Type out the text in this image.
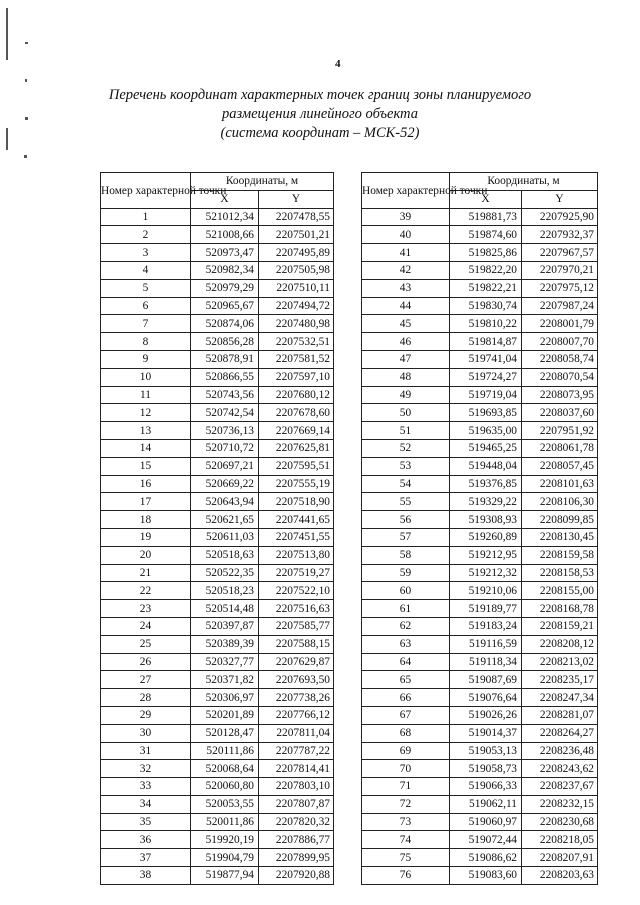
4
Перечень координат характерных точек границ зоны планируемого
размещения линейного объекта
(система координат – МСК-52)
Номер характерной точки	Координаты, м	
	X	Y
1	521012,34	2207478,55
2	521008,66	2207501,21
3	520973,47	2207495,89
4	520982,34	2207505,98
5	520979,29	2207510,11
6	520965,67	2207494,72
7	520874,06	2207480,98
8	520856,28	2207532,51
9	520878,91	2207581,52
10	520866,55	2207597,10
11	520743,56	2207680,12
12	520742,54	2207678,60
13	520736,13	2207669,14
14	520710,72	2207625,81
15	520697,21	2207595,51
16	520669,22	2207555,19
17	520643,94	2207518,90
18	520621,65	2207441,65
19	520611,03	2207451,55
20	520518,63	2207513,80
21	520522,35	2207519,27
22	520518,23	2207522,10
23	520514,48	2207516,63
24	520397,87	2207585,77
25	520389,39	2207588,15
26	520327,77	2207629,87
27	520371,82	2207693,50
28	520306,97	2207738,26
29	520201,89	2207766,12
30	520128,47	2207811,04
31	520111,86	2207787,22
32	520068,64	2207814,41
33	520060,80	2207803,10
34	520053,55	2207807,87
35	520011,86	2207820,32
36	519920,19	2207886,77
37	519904,79	2207899,95
38	519877,94	2207920,88
Номер характерной точки	Координаты, м	
	X	Y
39	519881,73	2207925,90
40	519874,60	2207932,37
41	519825,86	2207967,57
42	519822,20	2207970,21
43	519822,21	2207975,12
44	519830,74	2207987,24
45	519810,22	2208001,79
46	519814,87	2208007,70
47	519741,04	2208058,74
48	519724,27	2208070,54
49	519719,04	2208073,95
50	519693,85	2208037,60
51	519635,00	2207951,92
52	519465,25	2208061,78
53	519448,04	2208057,45
54	519376,85	2208101,63
55	519329,22	2208106,30
56	519308,93	2208099,85
57	519260,89	2208130,45
58	519212,95	2208159,58
59	519212,32	2208158,53
60	519210,06	2208155,00
61	519189,77	2208168,78
62	519183,24	2208159,21
63	519116,59	2208208,12
64	519118,34	2208213,02
65	519087,69	2208235,17
66	519076,64	2208247,34
67	519026,26	2208281,07
68	519014,37	2208264,27
69	519053,13	2208236,48
70	519058,73	2208243,62
71	519066,33	2208237,67
72	519062,11	2208232,15
73	519060,97	2208230,68
74	519072,44	2208218,05
75	519086,62	2208207,91
76	519083,60	2208203,63
